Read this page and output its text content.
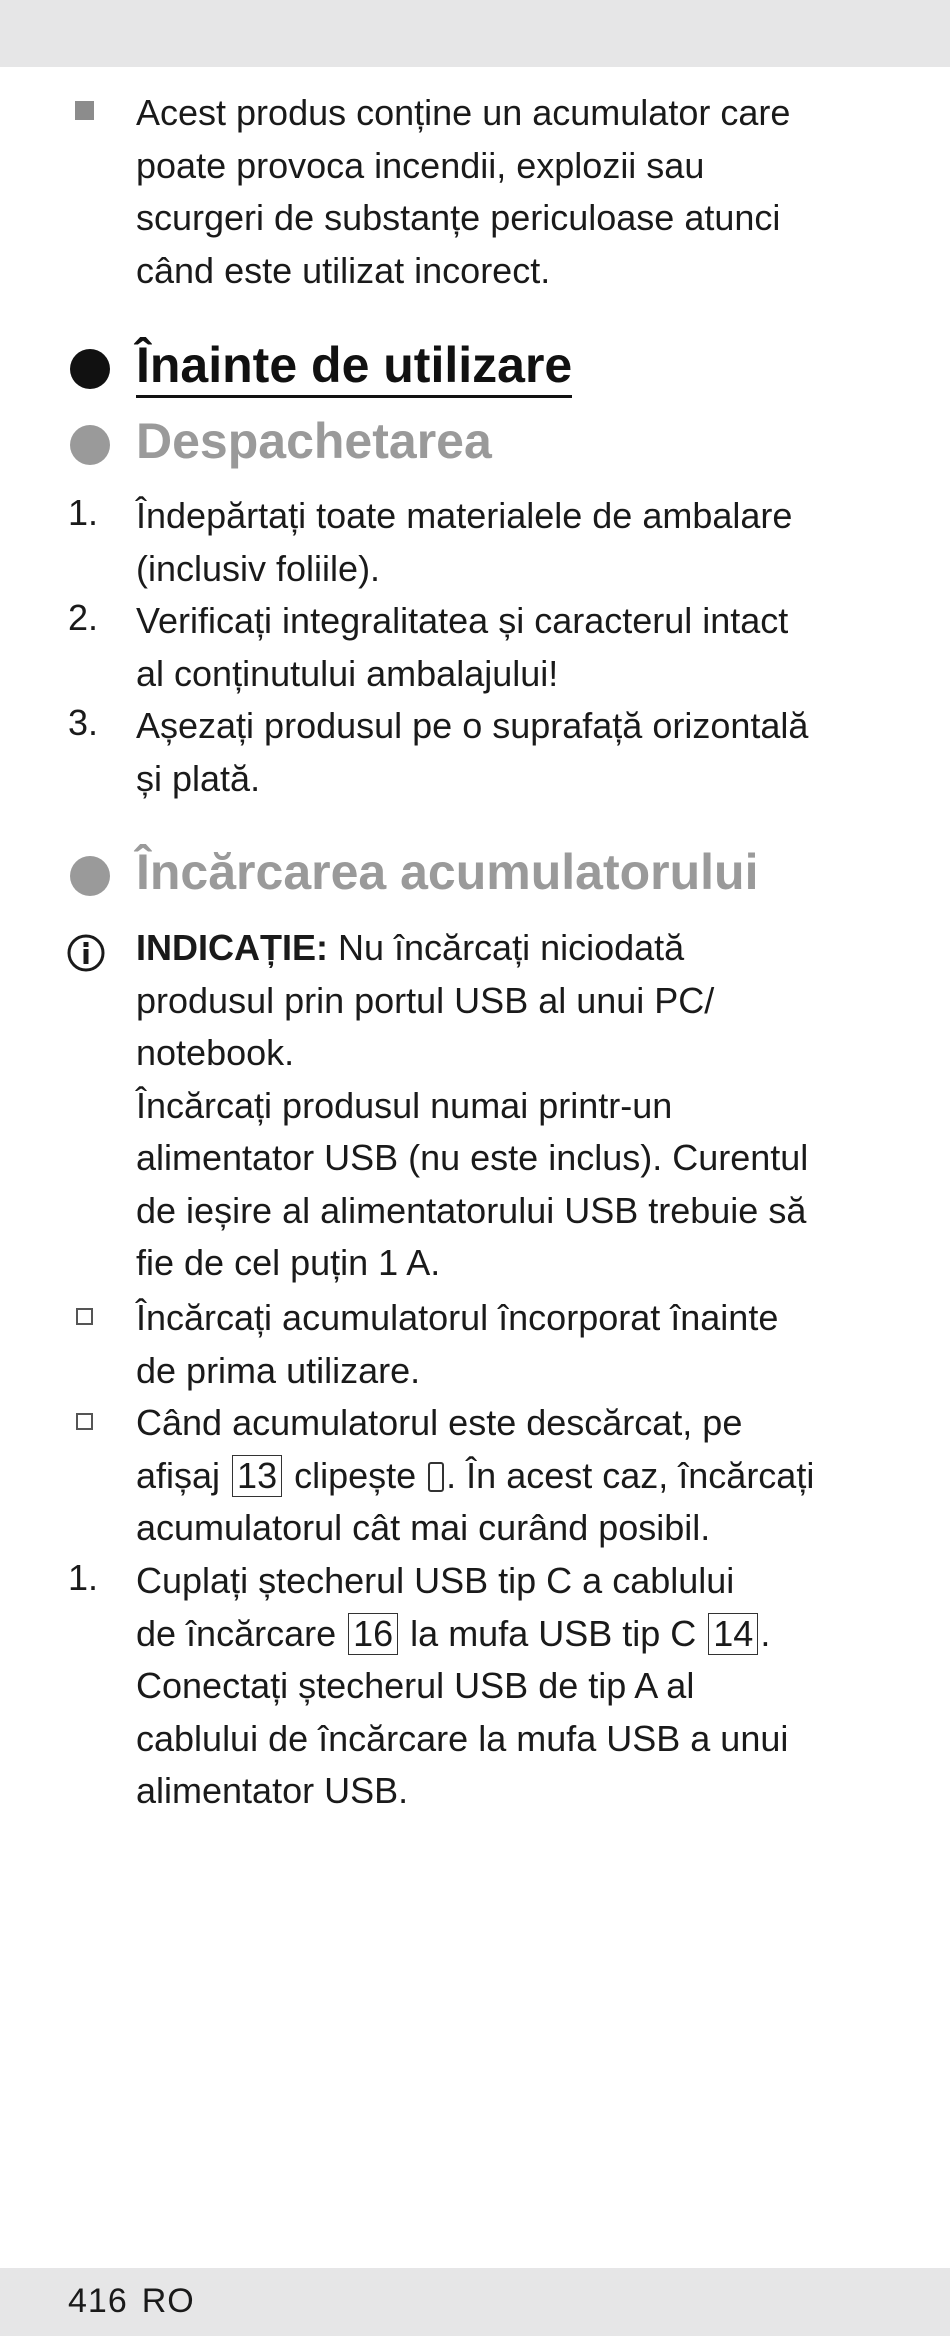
Acest produs conține un acumulator care
poate provoca incendii, explozii sau
scurgeri de substanțe periculoase atunci
când este utilizat incorect.
Înainte de utilizare
Despachetarea
1. Îndepărtați toate materialele de ambalare
(inclusiv foliile).
2. Verificați integralitatea și caracterul intact
al conținutului ambalajului!
3. Așezați produsul pe o suprafață orizontală
și plată.
Încărcarea acumulatorului
INDICAȚIE: Nu încărcați niciodată
produsul prin portul USB al unui PC/
notebook.
Încărcați produsul numai printr-un
alimentator USB (nu este inclus). Curentul
de ieșire al alimentatorului USB trebuie să
fie de cel puțin 1 A.
Încărcați acumulatorul încorporat înainte
de prima utilizare.
Când acumulatorul este descărcat, pe
afișaj 13 clipește . În acest caz, încărcați
acumulatorul cât mai curând posibil.
1. Cuplați ștecherul USB tip C a cablului
de încărcare 16 la mufa USB tip C 14 .
Conectați ștecherul USB de tip A al
cablului de încărcare la mufa USB a unui
alimentator USB.
416 RO
